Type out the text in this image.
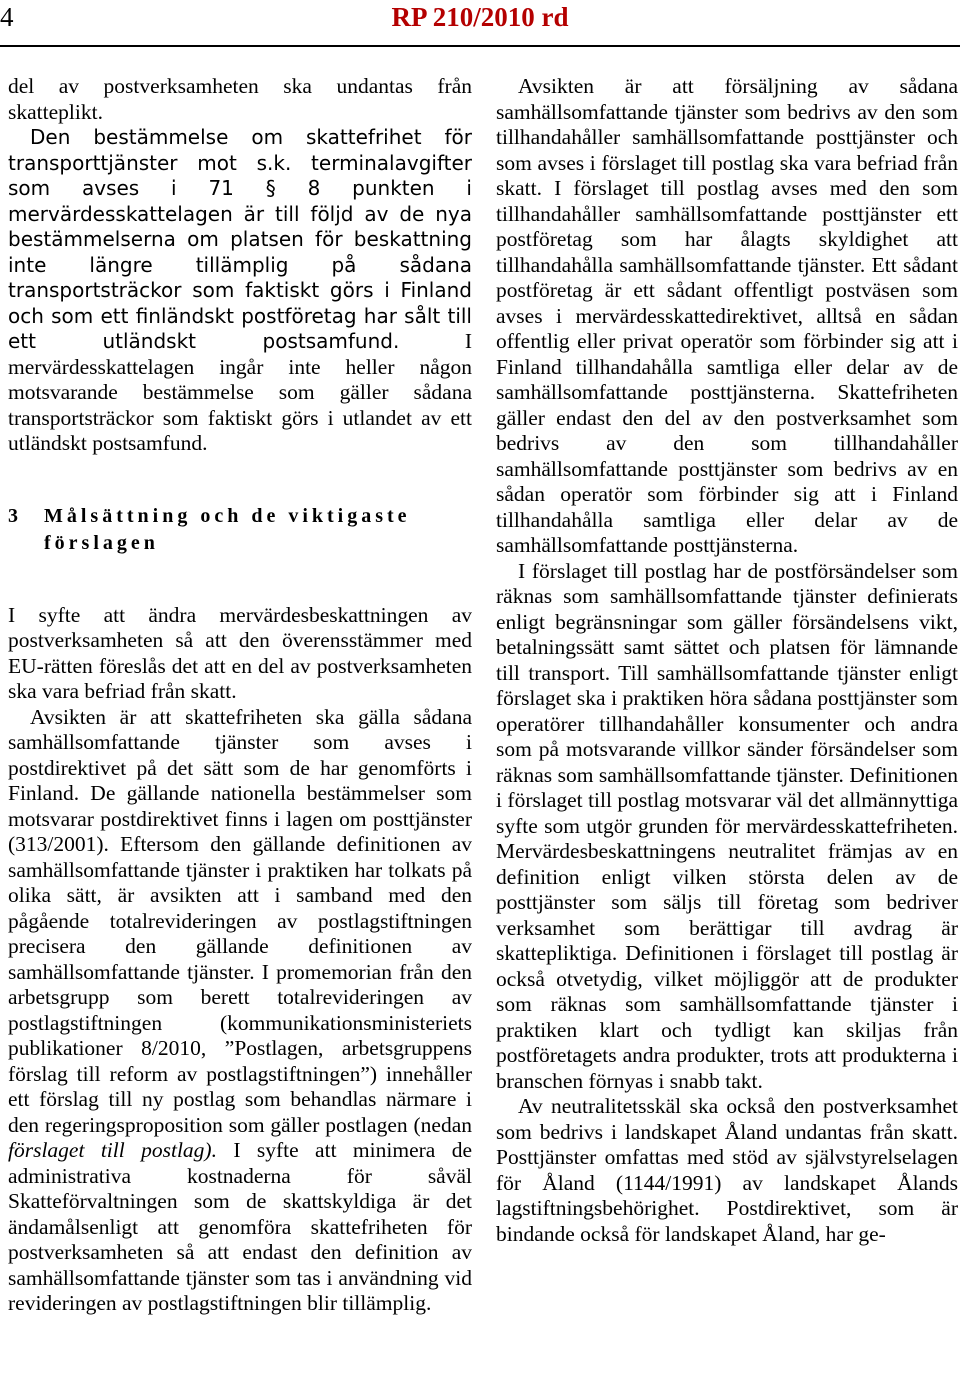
4	RP 210/2010 rd

del av postverksamheten ska undantas från skatteplikt.

Den bestämmelse om skattefrihet för transporttjänster mot s.k. terminalavgifter som avses i 71 § 8 punkten i mervärdesskattelagen är till följd av de nya bestämmelserna om platsen för beskattning inte längre tillämplig på sådana transportsträckor som faktiskt görs i Finland och som ett finländskt postföretag har sålt till ett utländskt postsamfund.	I mervärdesskattelagen ingår inte heller någon motsvarande bestämmelse som gäller sådana transportsträckor som faktiskt görs i utlandet av ett utländskt postsamfund.

3	Målsättning och de viktigaste förslagen

I syfte att ändra mervärdesbeskattningen av postverksamheten så att den överensstämmer med EU-rätten föreslås det att en del av postverksamheten ska vara befriad från skatt.

Avsikten är att skattefriheten ska gälla sådana samhällsomfattande tjänster som avses i postdirektivet på det sätt som de har genomförts i Finland. De gällande nationella bestämmelser som motsvarar postdirektivet finns i lagen om posttjänster (313/2001). Eftersom den gällande definitionen av samhällsomfattande tjänster i praktiken har tolkats på olika sätt, är avsikten att i samband med den pågående totalrevideringen av postlagstiftningen precisera den gällande definitionen av samhällsomfattande tjänster. I promemorian från den arbetsgrupp som berett totalrevideringen av postlagstiftningen (kommunikationsministeriets publikationer 8/2010, ”Postlagen, arbetsgruppens förslag till reform av postlagstiftningen”) innehåller ett förslag till ny postlag som behandlas närmare i den regeringsproposition som gäller postlagen (nedan förslaget till postlag). I syfte att minimera de administrativa kostnaderna för såväl Skatteförvaltningen som de skattskyldiga är det ändamålsenligt att genomföra skattefriheten för postverksamheten så att endast den definition av samhällsomfattande tjänster som tas i användning vid revideringen av postlagstiftningen blir tillämplig.

Avsikten är att försäljning av sådana samhällsomfattande tjänster som bedrivs av den som tillhandahåller samhällsomfattande posttjänster och som avses i förslaget till postlag ska vara befriad från skatt. I förslaget till postlag avses med den som tillhandahåller samhällsomfattande posttjänster ett postföretag som har ålagts skyldighet att tillhandahålla samhällsomfattande tjänster. Ett sådant postföretag är ett sådant offentligt postväsen som avses i mervärdesskattedirektivet, alltså en sådan offentlig eller privat operatör som förbinder sig att i Finland tillhandahålla samtliga eller delar av de samhällsomfattande posttjänsterna. Skattefriheten gäller endast den del av den postverksamhet som bedrivs av den som tillhandahåller samhällsomfattande posttjänster som bedrivs av en sådan operatör som förbinder sig att i Finland tillhandahålla samtliga eller delar av de samhällsomfattande posttjänsterna.

I förslaget till postlag har de postförsändelser som räknas som samhällsomfattande tjänster definierats enligt begränsningar som gäller försändelsens vikt, betalningssätt samt sättet och platsen för lämnande till transport. Till samhällsomfattande tjänster enligt förslaget ska i praktiken höra sådana posttjänster som operatörer tillhandahåller konsumenter och andra som på motsvarande villkor sänder försändelser som räknas som samhällsomfattande tjänster. Definitionen i förslaget till postlag motsvarar väl det allmännyttiga syfte som utgör grunden för mervärdesskattefriheten. Mervärdesbeskattningens neutralitet främjas av en definition enligt vilken största delen av de posttjänster som säljs till företag som bedriver verksamhet som berättigar till avdrag är skattepliktiga. Definitionen i förslaget till postlag är också otvetydig, vilket möjliggör att de produkter som räknas som samhällsomfattande tjänster i praktiken klart och tydligt kan skiljas från postföretagets andra produkter, trots att produkterna i branschen förnyas i snabb takt.

Av neutralitetsskäl ska också den postverksamhet som bedrivs i landskapet Åland undantas från skatt. Posttjänster omfattas med stöd av självstyrelselagen för Åland (1144/1991) av landskapet Ålands lagstiftningsbehörighet. Postdirektivet, som är bindande också för landskapet Åland, har ge-
